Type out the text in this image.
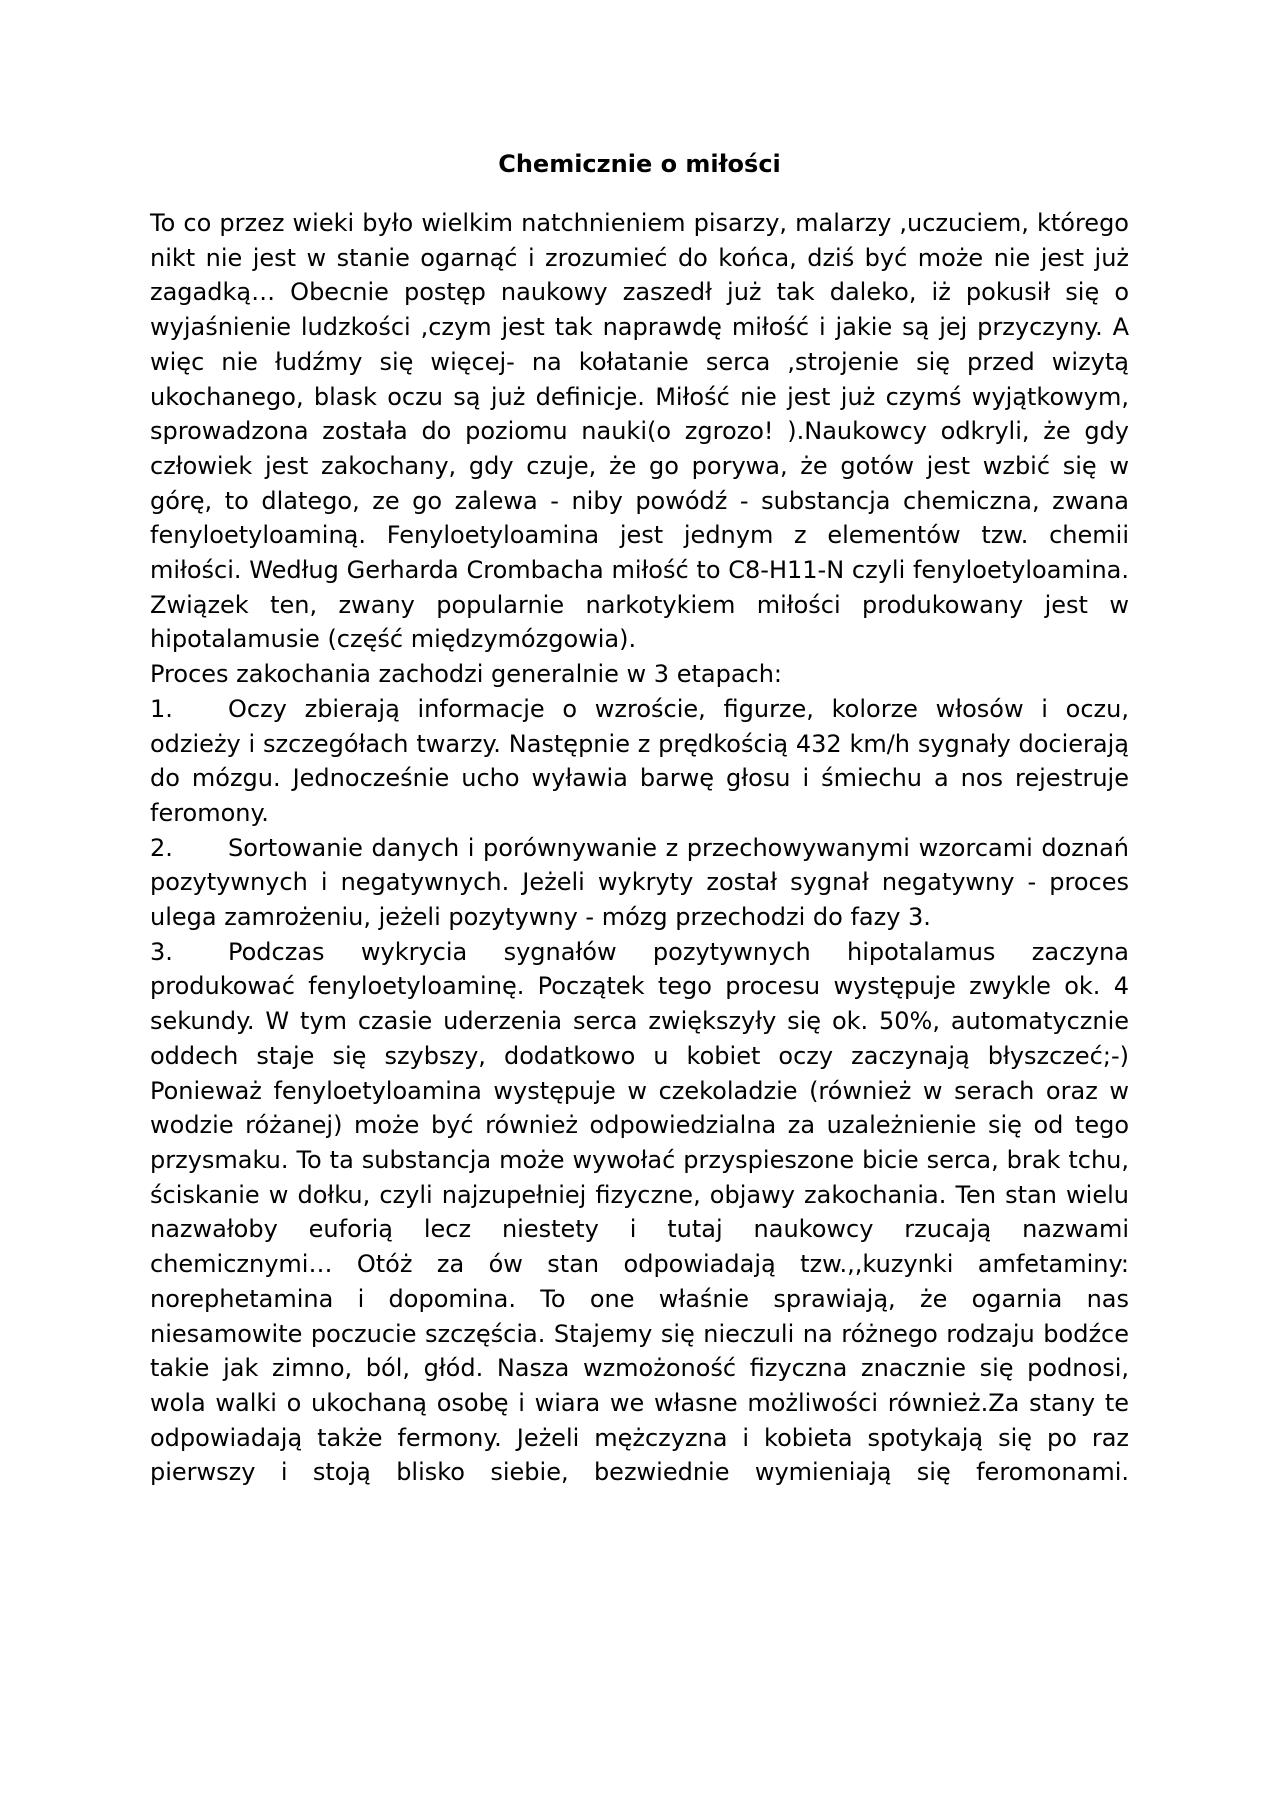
Chemicznie o miłości

To co przez wieki było wielkim natchnieniem pisarzy, malarzy ,uczuciem, którego nikt nie jest w stanie ogarnąć i zrozumieć do końca, dziś być może nie jest już zagadką… Obecnie postęp naukowy zaszedł już tak daleko, iż pokusił się o wyjaśnienie ludzkości ,czym jest tak naprawdę miłość i jakie są jej przyczyny. A więc nie łudźmy się więcej- na kołatanie serca ,strojenie się przed wizytą ukochanego, blask oczu są już definicje. Miłość nie jest już czymś wyjątkowym, sprowadzona została do poziomu nauki(o zgrozo! ).Naukowcy odkryli, że gdy człowiek jest zakochany, gdy czuje, że go porywa, że gotów jest wzbić się w górę, to dlatego, ze go zalewa - niby powódź - substancja chemiczna, zwana fenyloetyloaminą. Fenyloetyloamina jest jednym z elementów tzw. chemii miłości. Według Gerharda Crombacha miłość to C8-H11-N czyli fenyloetyloamina. Związek ten, zwany popularnie narkotykiem miłości produkowany jest w hipotalamusie (część międzymózgowia).

Proces zakochania zachodzi generalnie w 3 etapach:

1. Oczy zbierają informacje o wzroście, figurze, kolorze włosów i oczu, odzieży i szczegółach twarzy. Następnie z prędkością 432 km/h sygnały docierają do mózgu. Jednocześnie ucho wyławia barwę głosu i śmiechu a nos rejestruje feromony.

2. Sortowanie danych i porównywanie z przechowywanymi wzorcami doznań pozytywnych i negatywnych. Jeżeli wykryty został sygnał negatywny - proces ulega zamrożeniu, jeżeli pozytywny - mózg przechodzi do fazy 3.

3. Podczas wykrycia sygnałów pozytywnych hipotalamus zaczyna produkować fenyloetyloaminę. Początek tego procesu występuje zwykle ok. 4 sekundy. W tym czasie uderzenia serca zwiększyły się ok. 50%, automatycznie oddech staje się szybszy, dodatkowo u kobiet oczy zaczynają błyszczeć;-) Ponieważ fenyloetyloamina występuje w czekoladzie (również w serach oraz w wodzie różanej) może być również odpowiedzialna za uzależnienie się od tego przysmaku. To ta substancja może wywołać przyspieszone bicie serca, brak tchu, ściskanie w dołku, czyli najzupełniej fizyczne, objawy zakochania. Ten stan wielu nazwałoby euforią lecz niestety i tutaj naukowcy rzucają nazwami chemicznymi… Otóż za ów stan odpowiadają tzw.,,kuzynki amfetaminy: norephetamina i dopomina. To one właśnie sprawiają, że ogarnia nas niesamowite poczucie szczęścia. Stajemy się nieczuli na różnego rodzaju bodźce takie jak zimno, ból, głód. Nasza wzmożoność fizyczna znacznie się podnosi, wola walki o ukochaną osobę i wiara we własne możliwości również.Za stany te odpowiadają także fermony. Jeżeli mężczyzna i kobieta spotykają się po raz pierwszy i stoją blisko siebie, bezwiednie wymieniają się feromonami.
